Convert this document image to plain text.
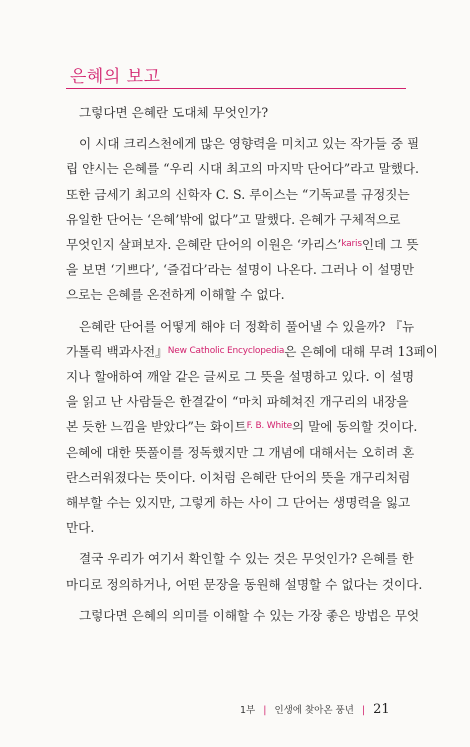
은혜의 보고
그렇다면 은혜란 도대체 무엇인가?
이 시대 크리스천에게 많은 영향력을 미치고 있는 작가들 중 필
립 얀시는 은혜를 “우리 시대 최고의 마지막 단어다”라고 말했다.
또한 금세기 최고의 신학자 C. S. 루이스는 “기독교를 규정짓는
유일한 단어는 ‘은혜’밖에 없다”고 말했다. 은혜가 구체적으로
무엇인지 살펴보자. 은혜란 단어의 이원은 ‘카리스’ karis 인데 그 뜻
을 보면 ‘기쁘다’, ‘즐겁다’라는 설명이 나온다. 그러나 이 설명만
으로는 은혜를 온전하게 이해할 수 없다.
은혜란 단어를 어떻게 해야 더 정확히 풀어낼 수 있을까? 『뉴
가톨릭 백과사전』 New Catholic Encyclopedia 은 은혜에 대해 무려 13페이
지나 할애하여 깨알 같은 글씨로 그 뜻을 설명하고 있다. 이 설명
을 읽고 난 사람들은 한결같이 “마치 파헤쳐진 개구리의 내장을
본 듯한 느낌을 받았다”는 화이트 F. B. White 의 말에 동의할 것이다.
은혜에 대한 뜻풀이를 정독했지만 그 개념에 대해서는 오히려 혼
란스러워졌다는 뜻이다. 이처럼 은혜란 단어의 뜻을 개구리처럼
해부할 수는 있지만, 그렇게 하는 사이 그 단어는 생명력을 잃고
만다.
결국 우리가 여기서 확인할 수 있는 것은 무엇인가? 은혜를 한
마디로 정의하거나, 어떤 문장을 동원해 설명할 수 없다는 것이다.
그렇다면 은혜의 의미를 이해할 수 있는 가장 좋은 방법은 무엇
1부 | 인생에 찾아온 풍년 | 21
